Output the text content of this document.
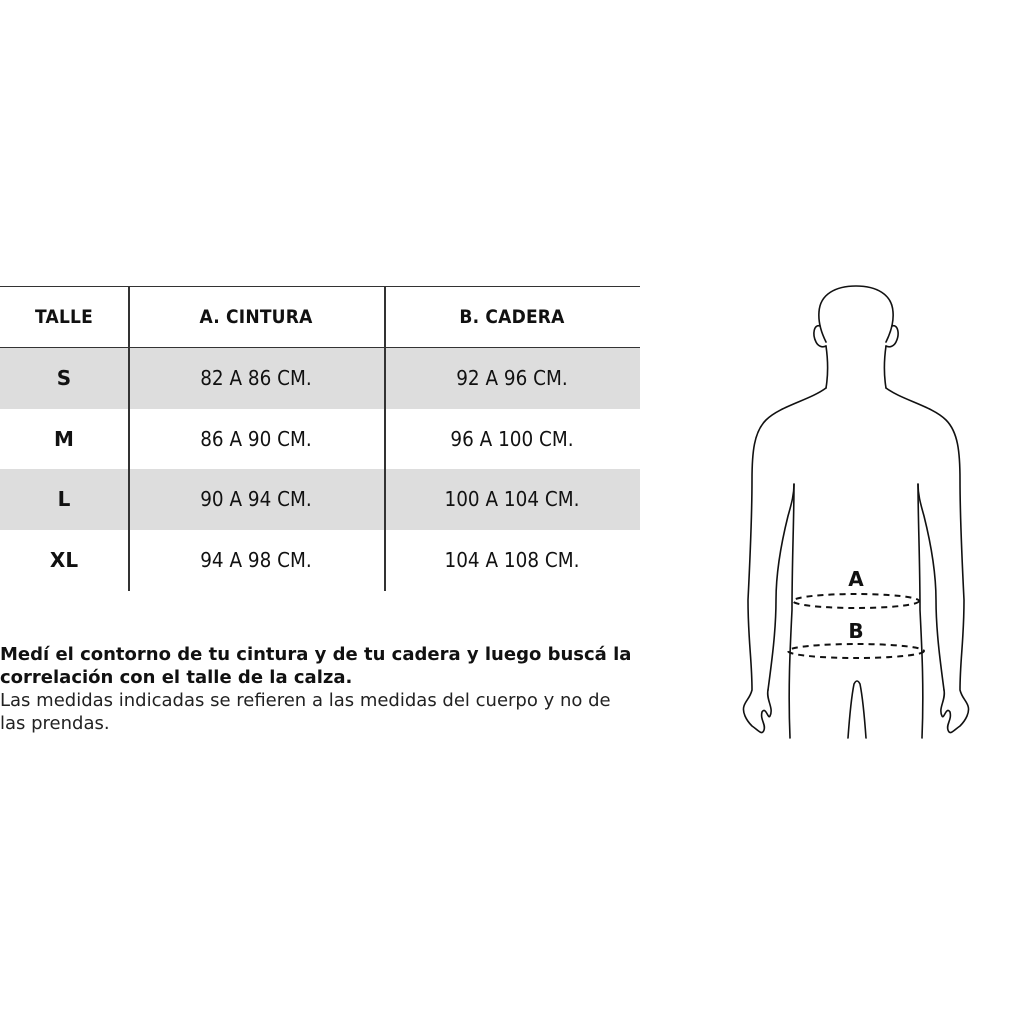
TALLE	A. CINTURA	B. CADERA
S	82 A 86 CM.	92 A 96 CM.
M	86 A 90 CM.	96 A 100 CM.
L	90 A 94 CM.	100 A 104 CM.
XL	94 A 98 CM.	104 A 108 CM.

Medí el contorno de tu cintura y de tu cadera y luego buscá la

correlación con el talle de la calza.

Las medidas indicadas se refieren a las medidas del cuerpo y no de

las prendas.

A
B
